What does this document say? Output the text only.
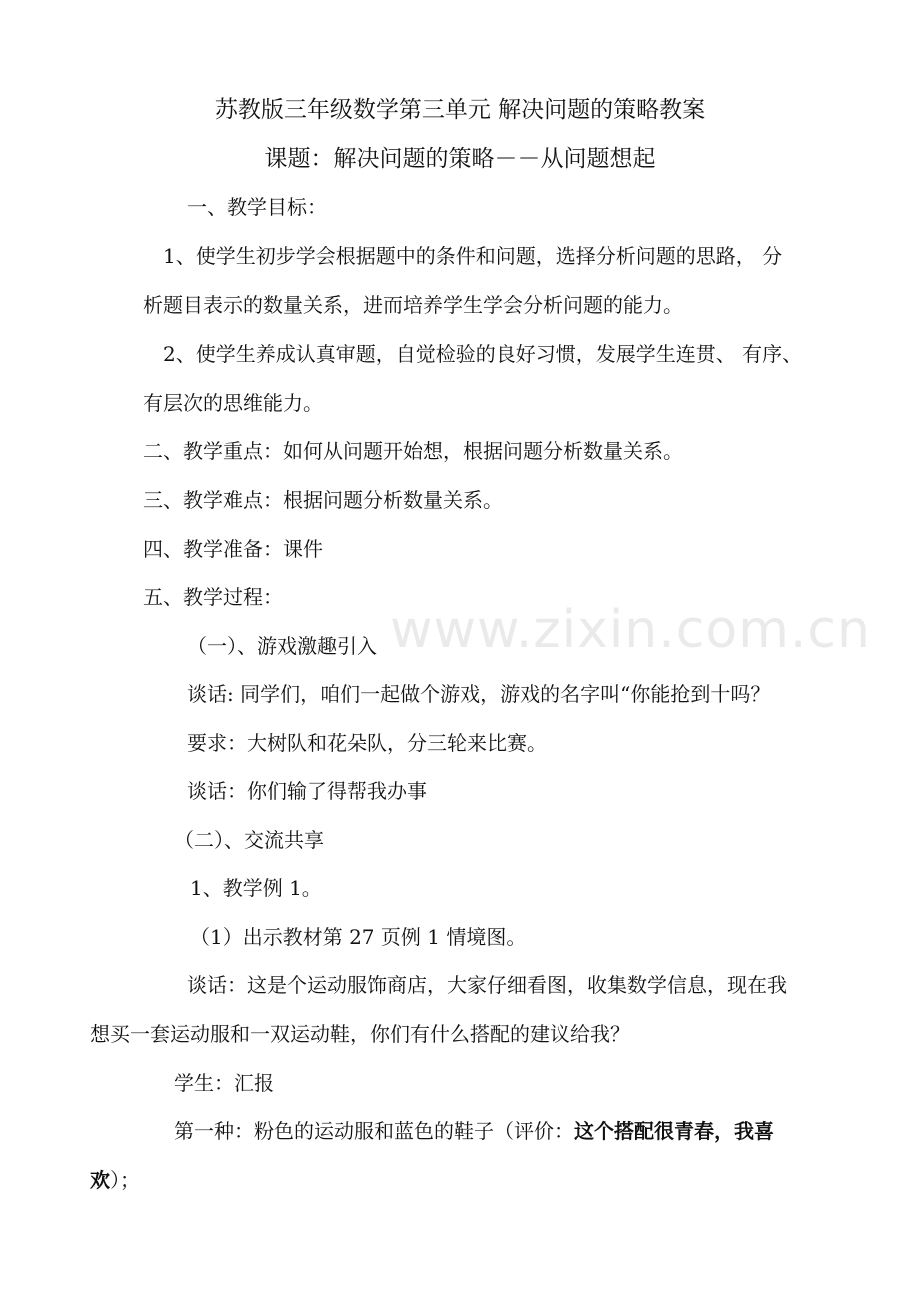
www.zixin.com.cn
苏教版三年级数学第三单元 解决问题的策略教案
课题：解决问题的策略－－从问题想起
一、教学目标：
1、使学生初步学会根据题中的条件和问题，选择分析问题的思路， 分
析题目表示的数量关系，进而培养学生学会分析问题的能力。
2、使学生养成认真审题，自觉检验的良好习惯，发展学生连贯、 有序、
有层次的思维能力。
二、教学重点：如何从问题开始想，根据问题分析数量关系。
三、教学难点：根据问题分析数量关系。
四、教学准备：课件
五、教学过程：
（一）、游戏激趣引入
谈话: 同学们，咱们一起做个游戏，游戏的名字叫“你能抢到十吗？
要求：大树队和花朵队，分三轮来比赛。
谈话：你们输了得帮我办事
（二）、交流共享
1、教学例 1。
（1）出示教材第 27 页例 1 情境图。
谈话：这是个运动服饰商店，大家仔细看图，收集数学信息，现在我
想买一套运动服和一双运动鞋，你们有什么搭配的建议给我？
学生：汇报
第一种：粉色的运动服和蓝色的鞋子（评价：这个搭配很青春，我喜
欢）；
